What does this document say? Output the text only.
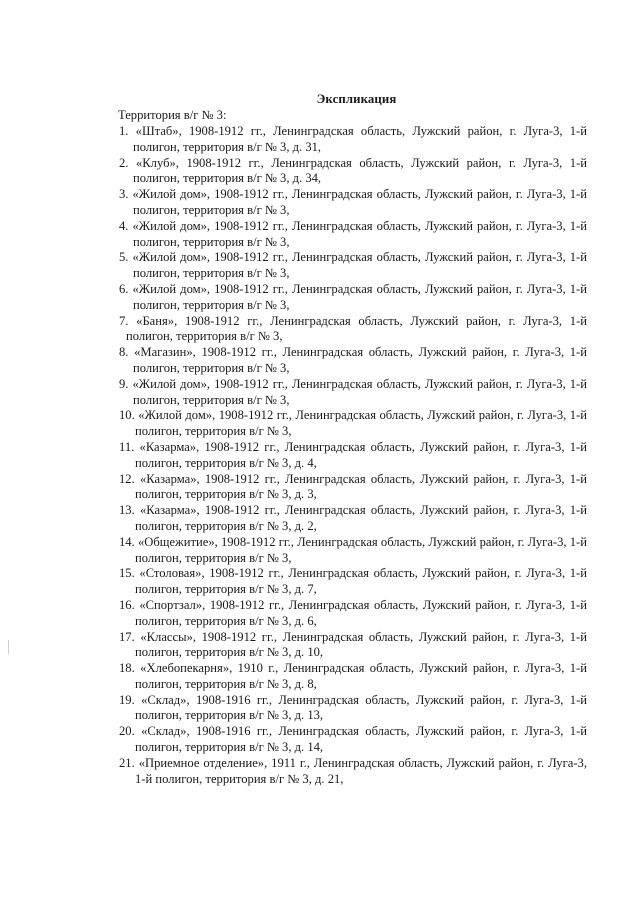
Экспликация
Территория в/г № 3:
1. «Штаб», 1908-1912 гг., Ленинградская область, Лужский район, г. Луга-3, 1-й полигон, территория в/г № 3, д. 31,
2. «Клуб», 1908-1912 гг., Ленинградская область, Лужский район, г. Луга-3, 1-й полигон, территория в/г № 3, д. 34,
3. «Жилой дом», 1908-1912 гг., Ленинградская область, Лужский район, г. Луга-3, 1-й полигон, территория в/г № 3,
4. «Жилой дом», 1908-1912 гг., Ленинградская область, Лужский район, г. Луга-3, 1-й полигон, территория в/г № 3,
5. «Жилой дом», 1908-1912 гг., Ленинградская область, Лужский район, г. Луга-3, 1-й полигон, территория в/г № 3,
6. «Жилой дом», 1908-1912 гг., Ленинградская область, Лужский район, г. Луга-3, 1-й полигон, территория в/г № 3,
7. «Баня», 1908-1912 гг., Ленинградская область, Лужский район, г. Луга-3, 1-й полигон, территория в/г № 3,
8. «Магазин», 1908-1912 гг., Ленинградская область, Лужский район, г. Луга-3, 1-й полигон, территория в/г № 3,
9. «Жилой дом», 1908-1912 гг., Ленинградская область, Лужский район, г. Луга-3, 1-й полигон, территория в/г № 3,
10. «Жилой дом», 1908-1912 гг., Ленинградская область, Лужский район, г. Луга-3, 1-й полигон, территория в/г № 3,
11. «Казарма», 1908-1912 гг., Ленинградская область, Лужский район, г. Луга-3, 1-й полигон, территория в/г № 3, д. 4,
12. «Казарма», 1908-1912 гг., Ленинградская область, Лужский район, г. Луга-3, 1-й полигон, территория в/г № 3, д. 3,
13. «Казарма», 1908-1912 гг., Ленинградская область, Лужский район, г. Луга-3, 1-й полигон, территория в/г № 3, д. 2,
14. «Общежитие», 1908-1912 гг., Ленинградская область, Лужский район, г. Луга-3, 1-й полигон, территория в/г № 3,
15. «Столовая», 1908-1912 гг., Ленинградская область, Лужский район, г. Луга-3, 1-й полигон, территория в/г № 3, д. 7,
16. «Спортзал», 1908-1912 гг., Ленинградская область, Лужский район, г. Луга-3, 1-й полигон, территория в/г № 3, д. 6,
17. «Классы», 1908-1912 гг., Ленинградская область, Лужский район, г. Луга-3, 1-й полигон, территория в/г № 3, д. 10,
18. «Хлебопекарня», 1910 г., Ленинградская область, Лужский район, г. Луга-3, 1-й полигон, территория в/г № 3, д. 8,
19. «Склад», 1908-1916 гг., Ленинградская область, Лужский район, г. Луга-3, 1-й полигон, территория в/г № 3, д. 13,
20. «Склад», 1908-1916 гг., Ленинградская область, Лужский район, г. Луга-3, 1-й полигон, территория в/г № 3, д. 14,
21. «Приемное отделение», 1911 г., Ленинградская область, Лужский район, г. Луга-3, 1-й полигон, территория в/г № 3, д. 21,
